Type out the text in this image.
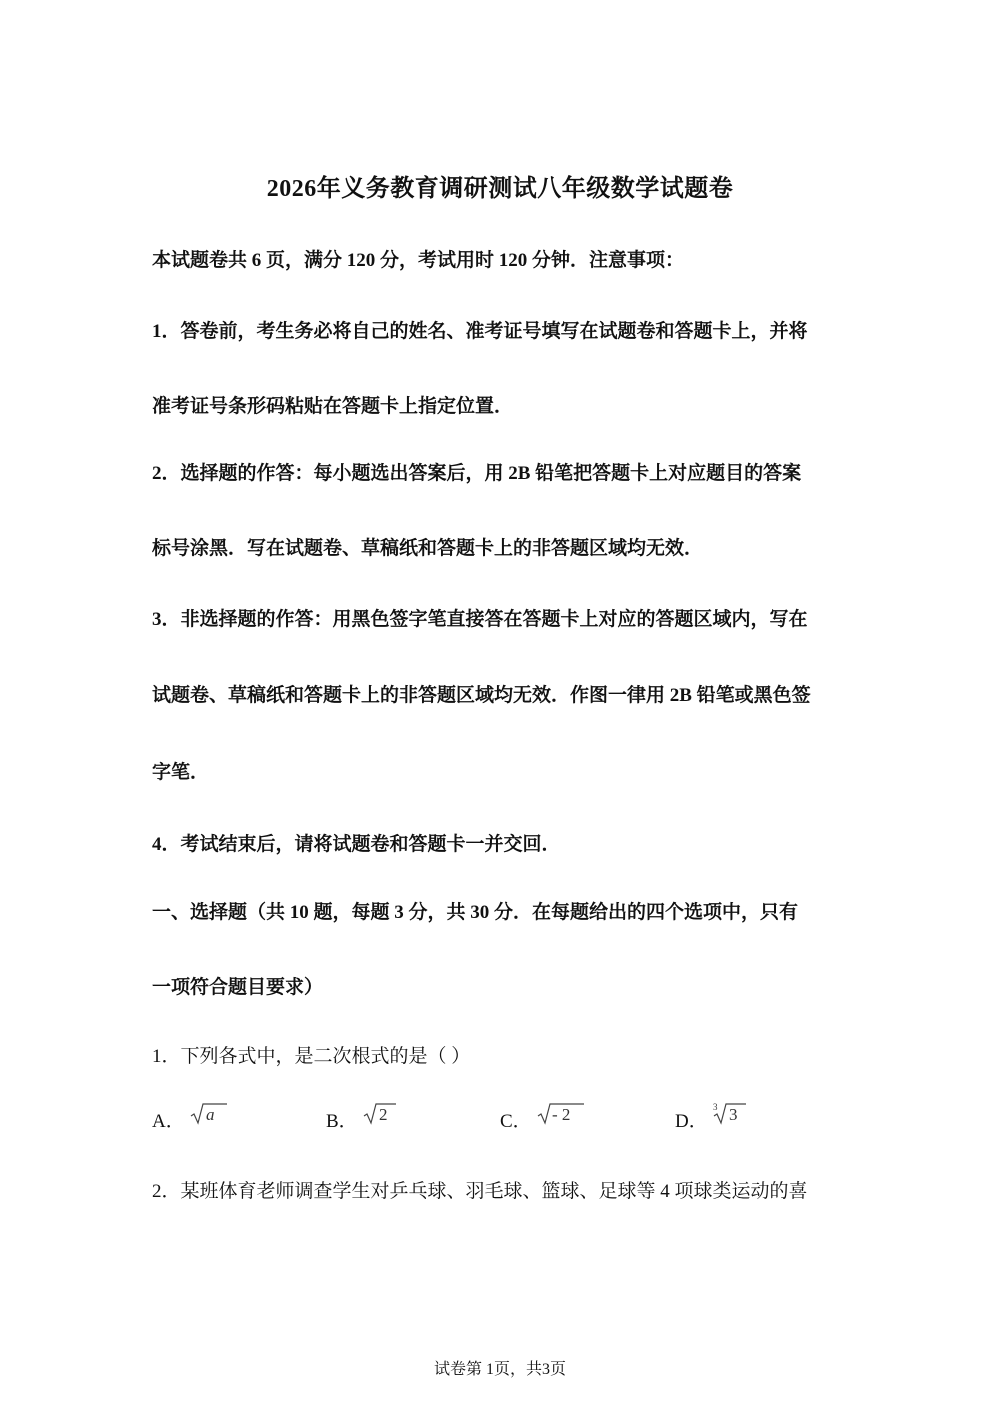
2026年义务教育调研测试八年级数学试题卷
本试题卷共 6 页，满分 120 分，考试用时 120 分钟．注意事项：
1．答卷前，考生务必将自己的姓名、准考证号填写在试题卷和答题卡上，并将
准考证号条形码粘贴在答题卡上指定位置．
2．选择题的作答：每小题选出答案后，用 2B 铅笔把答题卡上对应题目的答案
标号涂黑．写在试题卷、草稿纸和答题卡上的非答题区域均无效．
3．非选择题的作答：用黑色签字笔直接答在答题卡上对应的答题区域内，写在
试题卷、草稿纸和答题卡上的非答题区域均无效．作图一律用 2B 铅笔或黑色签
字笔．
4．考试结束后，请将试题卷和答题卡一并交回．
一、选择题（共 10 题，每题 3 分，共 30 分．在每题给出的四个选项中，只有
一项符合题目要求）
1．下列各式中，是二次根式的是（ ）
A． a	B． 2	C． - 2	D．
3 3
2．某班体育老师调查学生对乒乓球、羽毛球、篮球、足球等 4 项球类运动的喜
试卷第 1页，共3页
